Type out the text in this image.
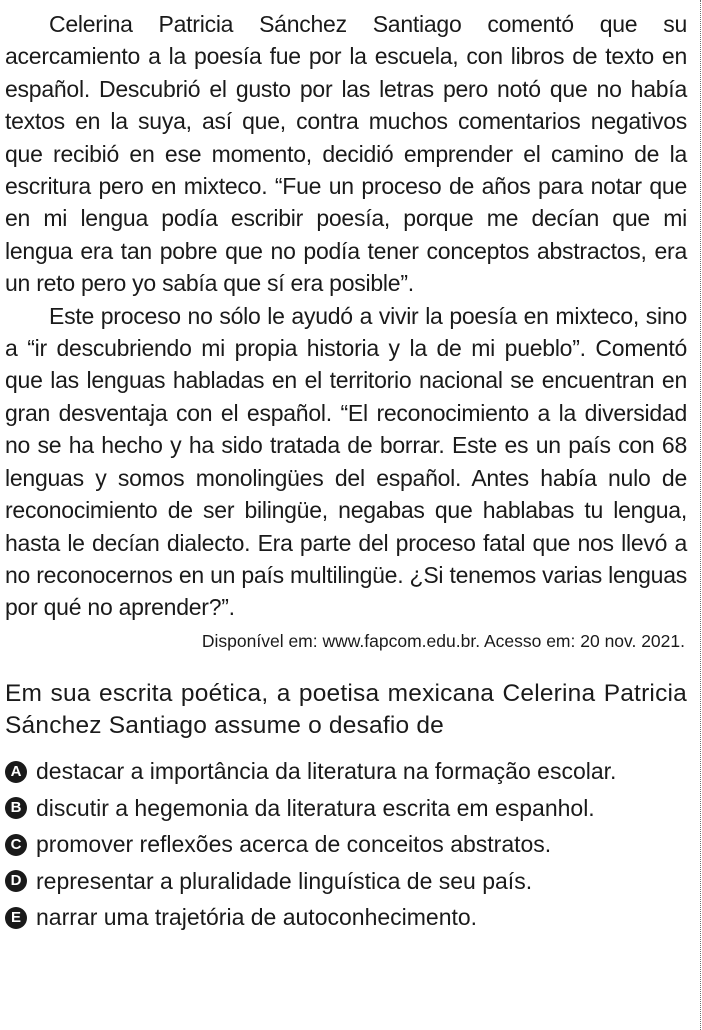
Celerina Patricia Sánchez Santiago comentó que su acercamiento a la poesía fue por la escuela, con libros de texto en español. Descubrió el gusto por las letras pero notó que no había textos en la suya, así que, contra muchos comentarios negativos que recibió en ese momento, decidió emprender el camino de la escritura pero en mixteco. “Fue un proceso de años para notar que en mi lengua podía escribir poesía, porque me decían que mi lengua era tan pobre que no podía tener conceptos abstractos, era un reto pero yo sabía que sí era posible”.

Este proceso no sólo le ayudó a vivir la poesía en mixteco, sino a “ir descubriendo mi propia historia y la de mi pueblo”. Comentó que las lenguas habladas en el territorio nacional se encuentran en gran desventaja con el español. “El reconocimiento a la diversidad no se ha hecho y ha sido tratada de borrar. Este es un país con 68 lenguas y somos monolingües del español. Antes había nulo de reconocimiento de ser bilingüe, negabas que hablabas tu lengua, hasta le decían dialecto. Era parte del proceso fatal que nos llevó a no reconocernos en un país multilingüe. ¿Si tenemos varias lenguas por qué no aprender?”.

Disponível em: www.fapcom.edu.br. Acesso em: 20 nov. 2021.
Em sua escrita poética, a poetisa mexicana Celerina Patricia Sánchez Santiago assume o desafio de
A destacar a importância da literatura na formação escolar.
B discutir a hegemonia da literatura escrita em espanhol.
C promover reflexões acerca de conceitos abstratos.
D representar a pluralidade linguística de seu país.
E narrar uma trajetória de autoconhecimento.
